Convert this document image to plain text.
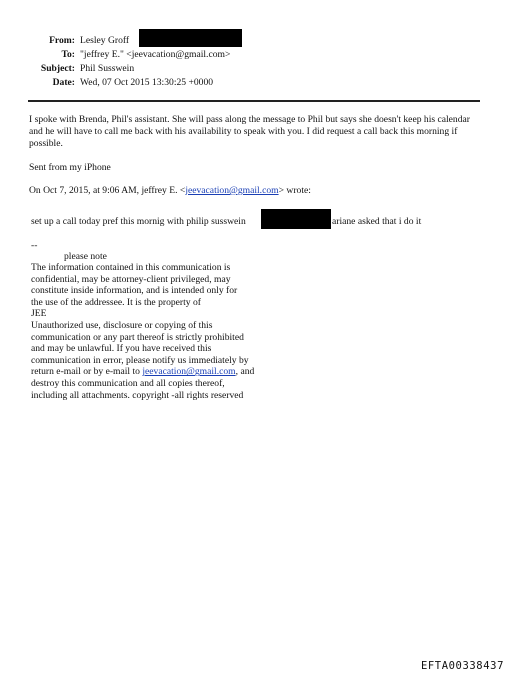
From: Lesley Groff
To: "jeffrey E." <jeevacation@gmail.com>
Subject: Phil Susswein
Date: Wed, 07 Oct 2015 13:30:25 +0000
I spoke with Brenda, Phil's assistant. She will pass along the message to Phil but says she doesn't keep his calendar and he will have to call me back with his availability to speak with you. I did request a call back this morning if possible.
Sent from my iPhone
On Oct 7, 2015, at 9:06 AM, jeffrey E. <jeevacation@gmail.com> wrote:
set up a call today pref this mornig with philip susswein	ariane asked that i do it
--
please note
The information contained in this communication is
confidential, may be attorney-client privileged, may
constitute inside information, and is intended only for
the use of the addressee. It is the property of
JEE
Unauthorized use, disclosure or copying of this
communication or any part thereof is strictly prohibited
and may be unlawful. If you have received this
communication in error, please notify us immediately by
return e-mail or by e-mail to jeevacation@gmail.com, and
destroy this communication and all copies thereof,
including all attachments. copyright -all rights reserved
EFTA00338437
